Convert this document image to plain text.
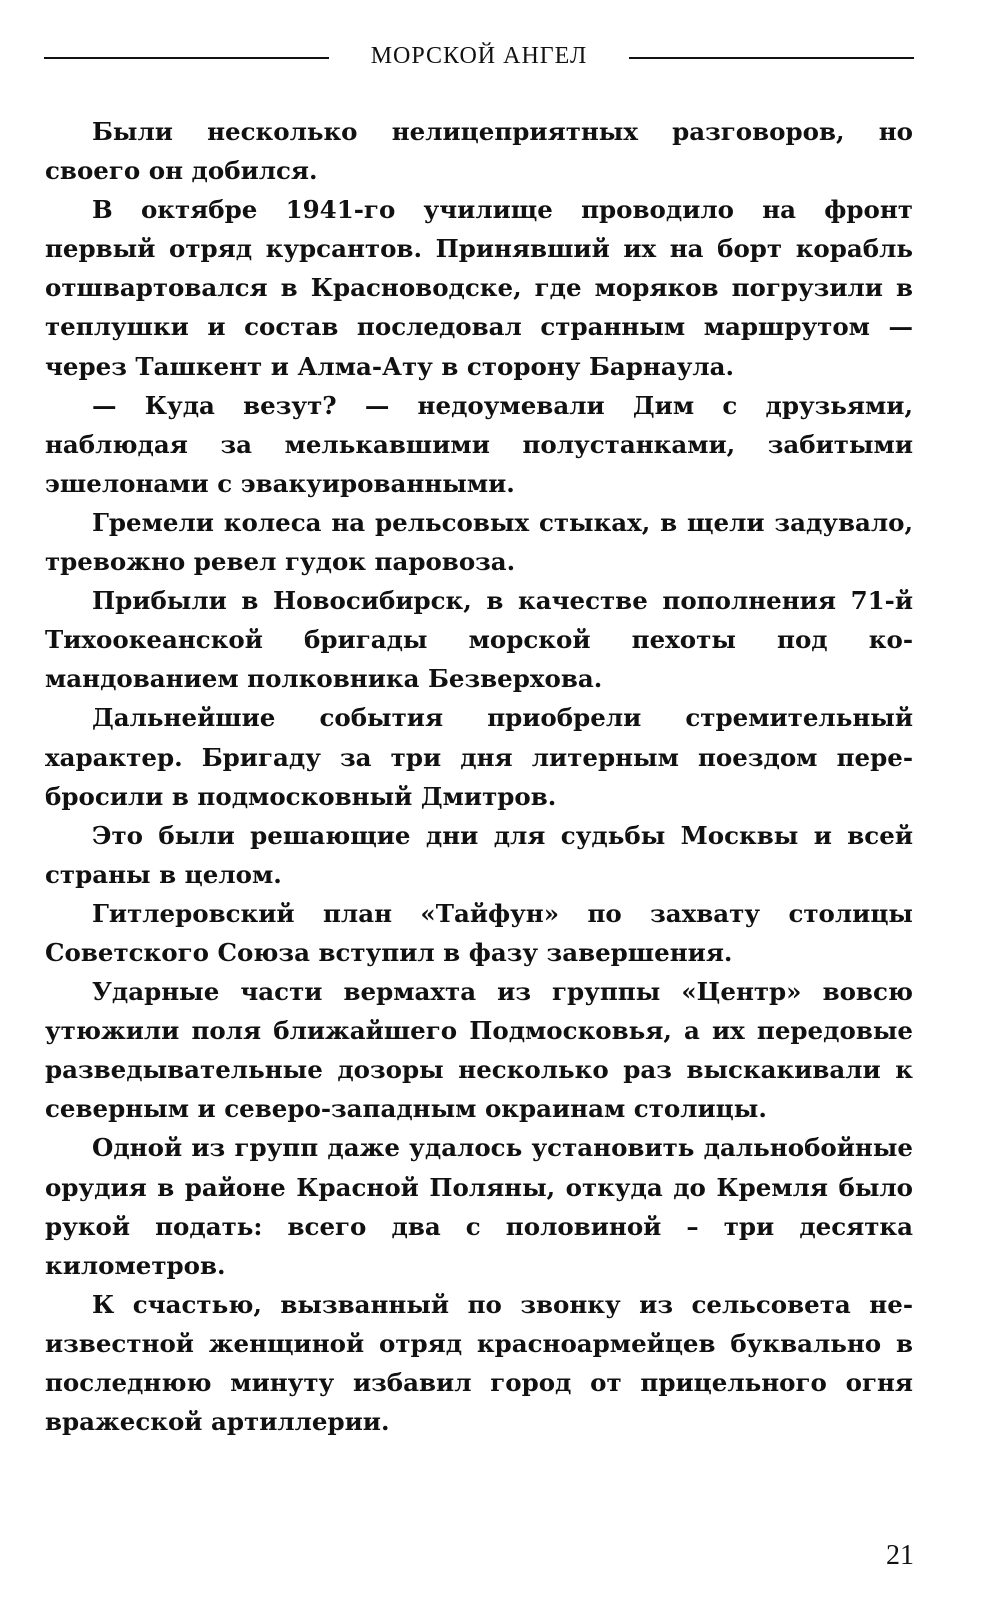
МОРСКОЙ АНГЕЛ

Были несколько нелицеприятных разговоров, но своего он добился.

В октябре 1941-го училище проводило на фронт первый отряд курсантов. Принявший их на борт корабль отшвартовался в Красноводске, где моряков погрузили в теплушки и состав последовал странным маршрутом — через Ташкент и Алма-Ату в сторону Барнаула.

— Куда везут? — недоумевали Дим с друзьями, наблюдая за мелькавшими полустанками, забитыми эшелонами с эвакуированными.

Гремели колеса на рельсовых стыках, в щели задувало, тревожно ревел гудок паровоза.

Прибыли в Новосибирск, в качестве пополнения 71-й Тихоокеанской бригады морской пехоты под командованием полковника Безверхова.

Дальнейшие события приобрели стремительный характер. Бригаду за три дня литерным поездом перебросили в подмосковный Дмитров.

Это были решающие дни для судьбы Москвы и всей страны в целом.

Гитлеровский план «Тайфун» по захвату столицы Советского Союза вступил в фазу завершения.

Ударные части вермахта из группы «Центр» вовсю утюжили поля ближайшего Подмосковья, а их передовые разведывательные дозоры несколько раз выскакивали к северным и северо-западным окраинам столицы.

Одной из групп даже удалось установить дальнобойные орудия в районе Красной Поляны, откуда до Кремля было рукой подать: всего два с половиной – три десятка километров.

К счастью, вызванный по звонку из сельсовета неизвестной женщиной отряд красноармейцев буквально в последнюю минуту избавил город от прицельного огня вражеской артиллерии.

21
